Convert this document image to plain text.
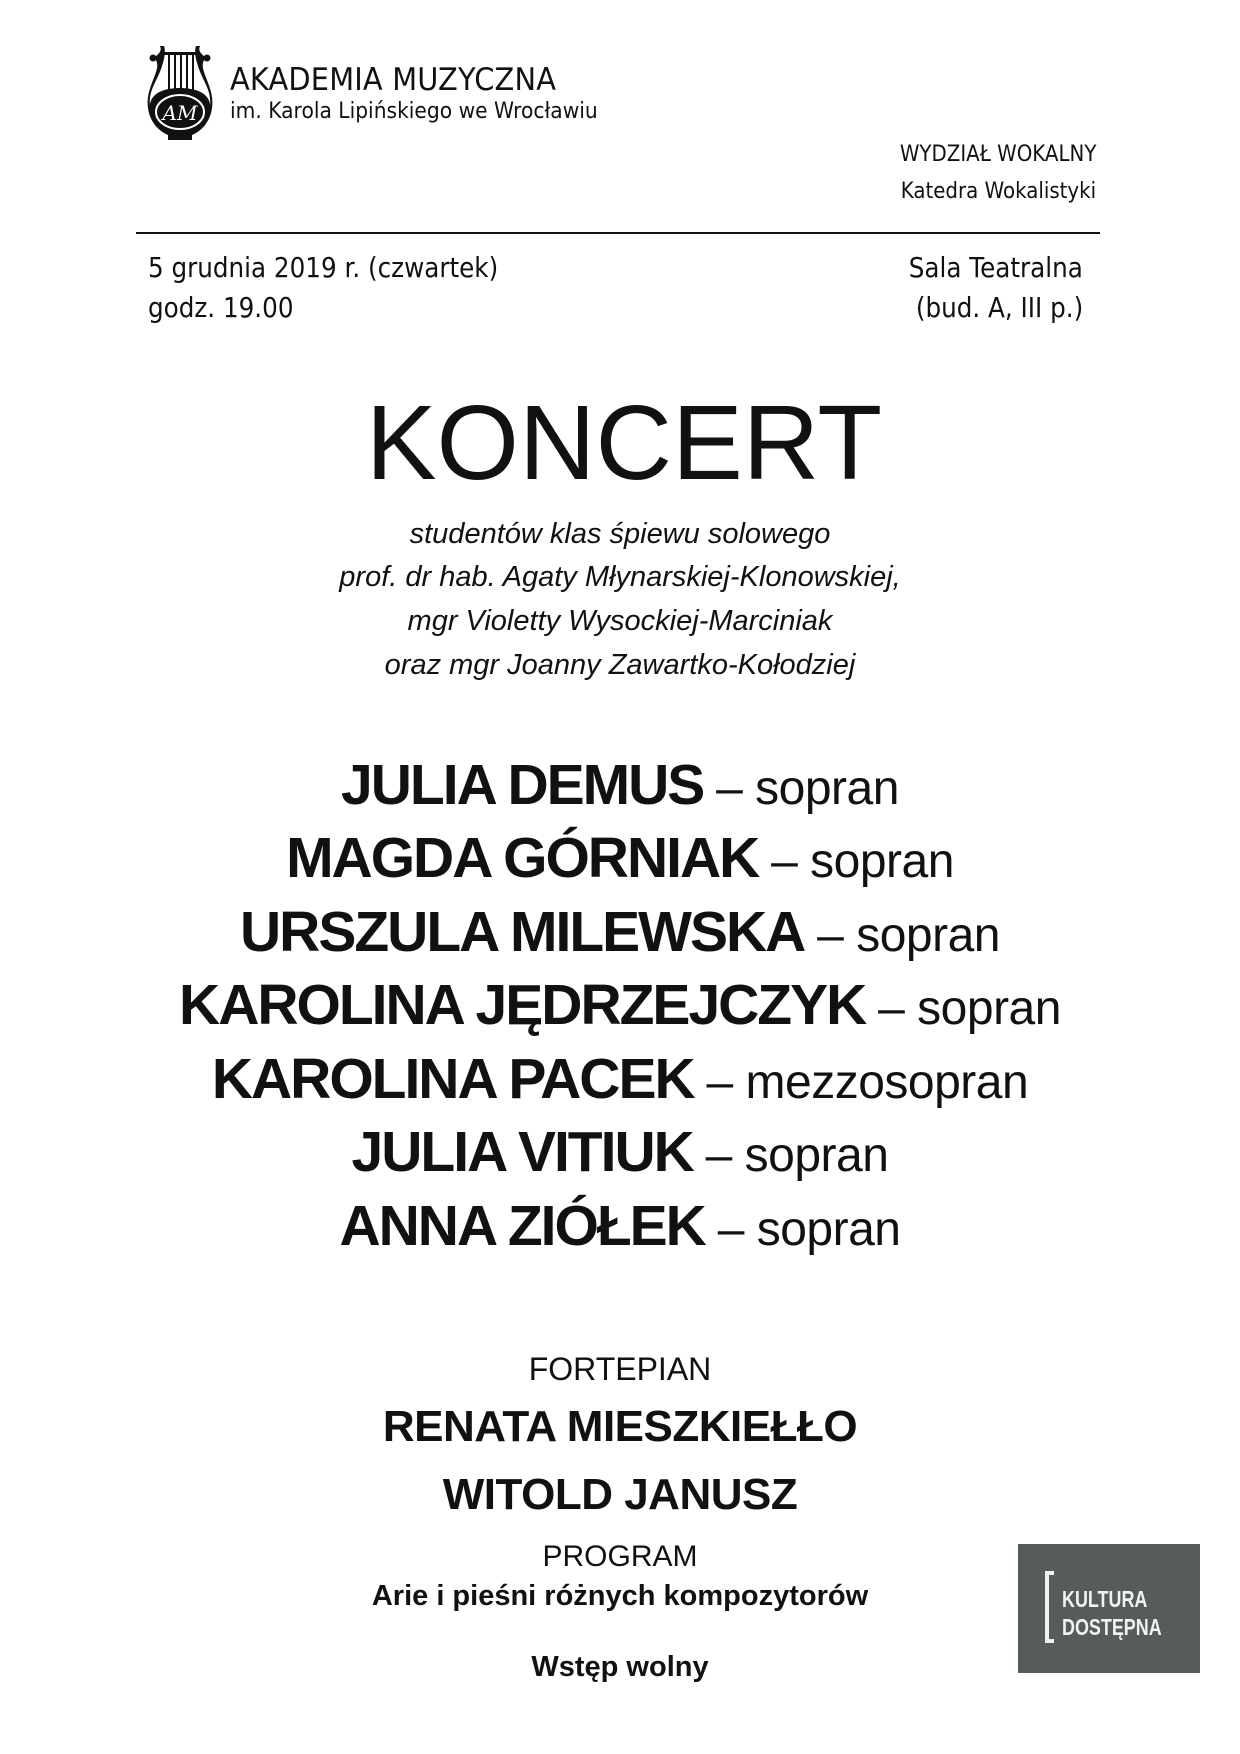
AM
AKADEMIA MUZYCZNA
im. Karola Lipińskiego we Wrocławiu
WYDZIAŁ WOKALNY
Katedra Wokalistyki
5 grudnia 2019 r. (czwartek)
godz. 19.00
Sala Teatralna
(bud. A, III p.)
KONCERT
studentów klas śpiewu solowego
prof. dr hab. Agaty Młynarskiej-Klonowskiej,
mgr Violetty Wysockiej-Marciniak
oraz mgr Joanny Zawartko-Kołodziej
JULIA DEMUS – sopran
MAGDA GÓRNIAK – sopran
URSZULA MILEWSKA – sopran
KAROLINA JĘDRZEJCZYK – sopran
KAROLINA PACEK – mezzosopran
JULIA VITIUK – sopran
ANNA ZIÓŁEK – sopran
FORTEPIAN
RENATA MIESZKIEŁŁO
WITOLD JANUSZ
PROGRAM
Arie i pieśni różnych kompozytorów
Wstęp wolny
KULTURA
DOSTĘPNA
